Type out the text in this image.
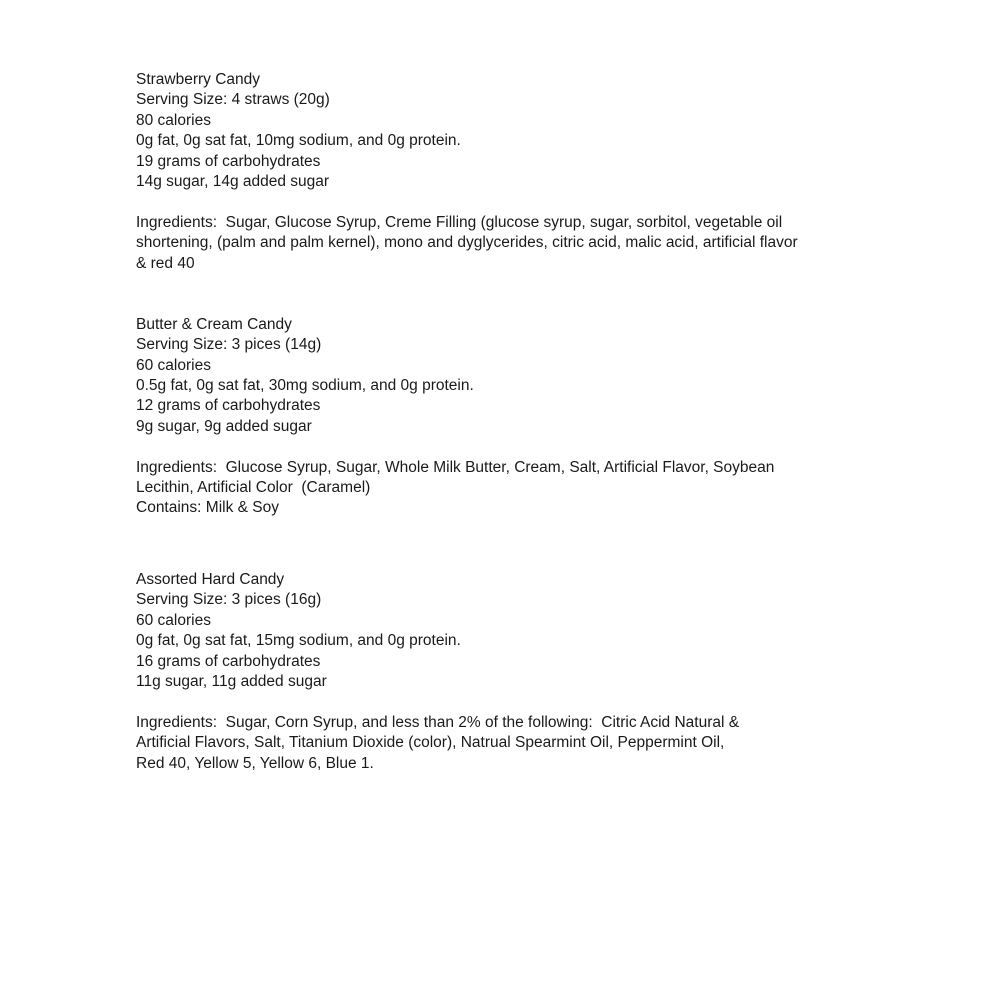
Strawberry Candy
Serving Size: 4 straws (20g)
80 calories
0g fat, 0g sat fat, 10mg sodium, and 0g protein.
19 grams of carbohydrates
14g sugar, 14g added sugar
Ingredients:  Sugar, Glucose Syrup, Creme Filling (glucose syrup, sugar, sorbitol, vegetable oil
shortening, (palm and palm kernel), mono and dyglycerides, citric acid, malic acid, artificial flavor
& red 40
Butter & Cream Candy
Serving Size: 3 pices (14g)
60 calories
0.5g fat, 0g sat fat, 30mg sodium, and 0g protein.
12 grams of carbohydrates
9g sugar, 9g added sugar
Ingredients:  Glucose Syrup, Sugar, Whole Milk Butter, Cream, Salt, Artificial Flavor, Soybean
Lecithin, Artificial Color  (Caramel)
Contains: Milk & Soy
Assorted Hard Candy
Serving Size: 3 pices (16g)
60 calories
0g fat, 0g sat fat, 15mg sodium, and 0g protein.
16 grams of carbohydrates
11g sugar, 11g added sugar
Ingredients:  Sugar, Corn Syrup, and less than 2% of the following:  Citric Acid Natural &
Artificial Flavors, Salt, Titanium Dioxide (color), Natrual Spearmint Oil, Peppermint Oil,
Red 40, Yellow 5, Yellow 6, Blue 1.
